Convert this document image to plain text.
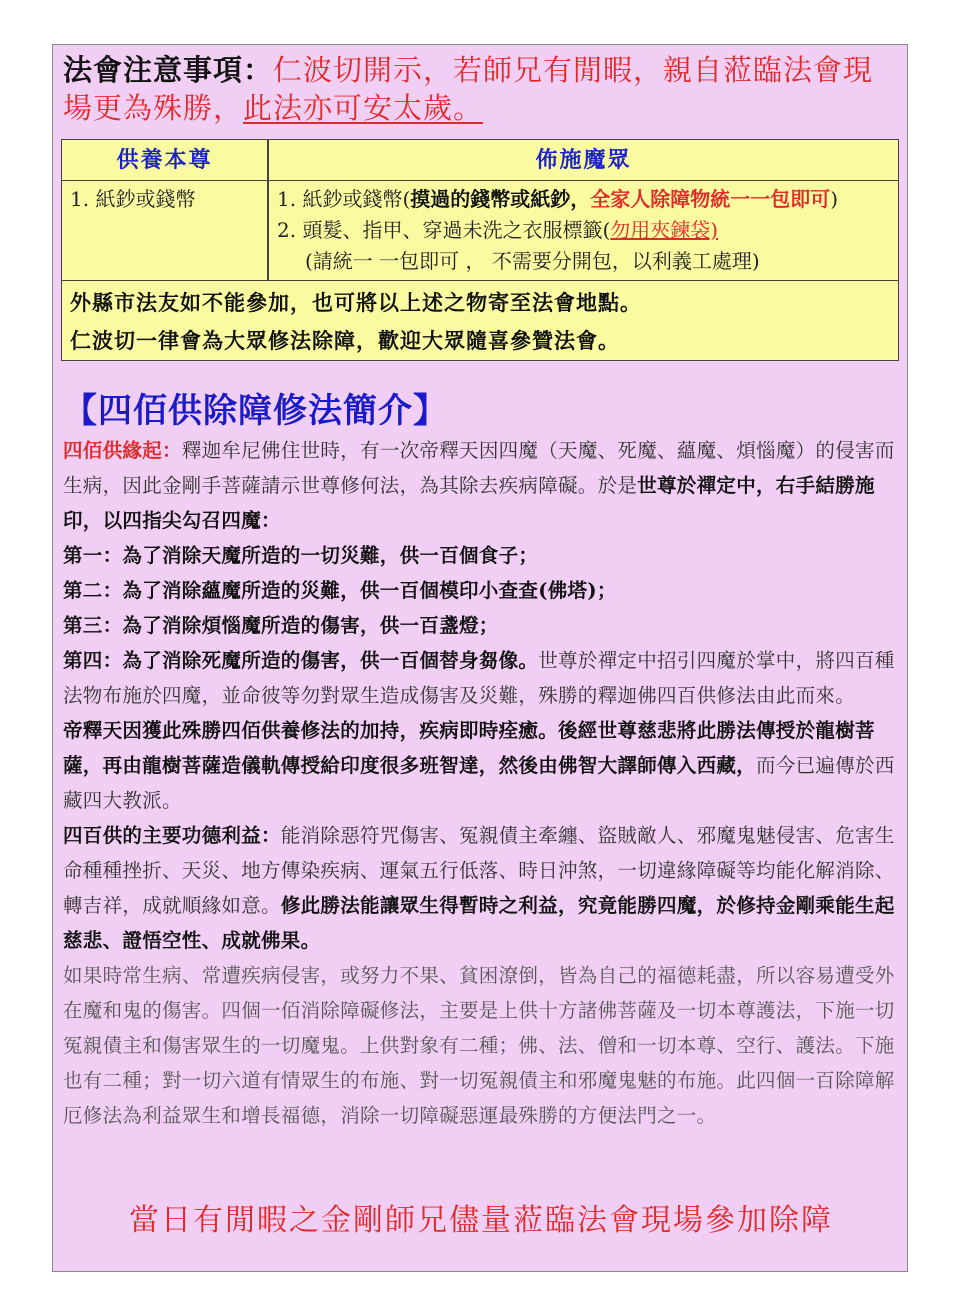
法會注意事項：仁波切開示，若師兄有閒暇，親自蒞臨法會現場更為殊勝，此法亦可安太歲。
供養本尊	佈施魔眾
1. 紙鈔或錢幣	1. 紙鈔或錢幣(摸過的錢幣或紙鈔，全家人除障物統一一包即可)
2. 頭髮、指甲、穿過未洗之衣服標籤(勿用夾鍊袋)
(請統一 一包即可 ， 不需要分開包，以利義工處理)
外縣市法友如不能參加，也可將以上述之物寄至法會地點。
仁波切一律會為大眾修法除障，歡迎大眾隨喜參贊法會。
【四佰供除障修法簡介】

四佰供緣起：釋迦牟尼佛住世時，有一次帝釋天因四魔（天魔、死魔、蘊魔、煩惱魔）的侵害而生病，因此金剛手菩薩請示世尊修何法，為其除去疾病障礙。於是世尊於禪定中，右手結勝施印，以四指尖勾召四魔：

第一：為了消除天魔所造的一切災難，供一百個食子；

第二：為了消除蘊魔所造的災難，供一百個模印小查查(佛塔)；

第三：為了消除煩惱魔所造的傷害，供一百盞燈；

第四：為了消除死魔所造的傷害，供一百個替身芻像。世尊於禪定中招引四魔於掌中，將四百種法物布施於四魔，並命彼等勿對眾生造成傷害及災難，殊勝的釋迦佛四百供修法由此而來。

帝釋天因獲此殊勝四佰供養修法的加持，疾病即時痊癒。後經世尊慈悲將此勝法傳授於龍樹菩薩，再由龍樹菩薩造儀軌傳授給印度很多班智達，然後由佛智大譯師傳入西藏，而今已遍傳於西藏四大教派。

四百供的主要功德利益：能消除惡符咒傷害、冤親債主牽纏、盜賊敵人、邪魔鬼魅侵害、危害生命種種挫折、天災、地方傳染疾病、運氣五行低落、時日沖煞，一切違緣障礙等均能化解消除、轉吉祥，成就順緣如意。修此勝法能讓眾生得暫時之利益，究竟能勝四魔，於修持金剛乘能生起慈悲、證悟空性、成就佛果。

如果時常生病、常遭疾病侵害，或努力不果、貧困潦倒，皆為自己的福德耗盡，所以容易遭受外在魔和鬼的傷害。四個一佰消除障礙修法，主要是上供十方諸佛菩薩及一切本尊護法，下施一切冤親債主和傷害眾生的一切魔鬼。上供對象有二種；佛、法、僧和一切本尊、空行、護法。下施也有二種；對一切六道有情眾生的布施、對一切冤親債主和邪魔鬼魅的布施。此四個一百除障解厄修法為利益眾生和增長福德，消除一切障礙惡運最殊勝的方便法門之一。

當日有閒暇之金剛師兄儘量蒞臨法會現場參加除障
